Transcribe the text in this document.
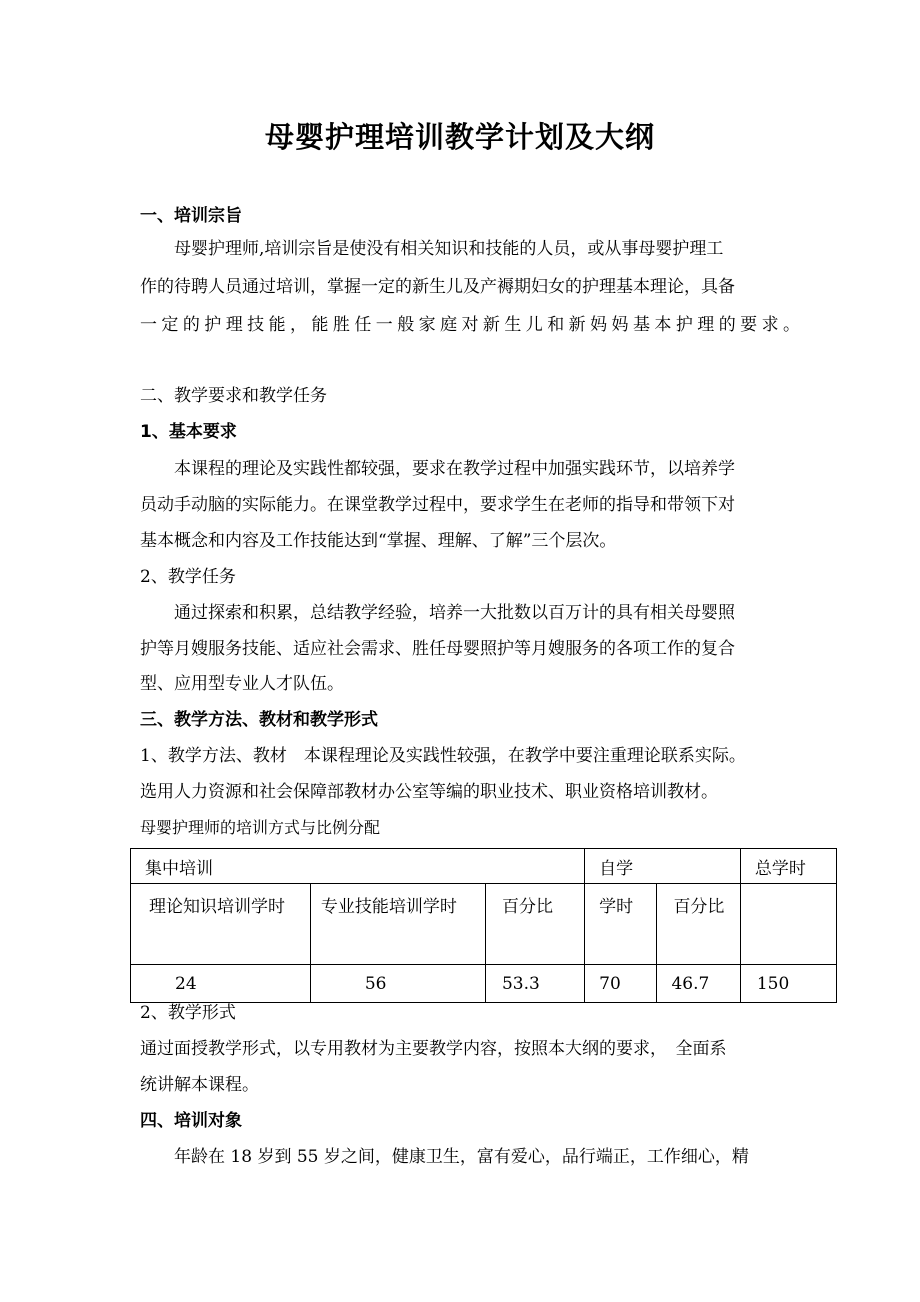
母婴护理培训教学计划及大纲
一、培训宗旨
母婴护理师,培训宗旨是使没有相关知识和技能的人员，或从事母婴护理工
作的待聘人员通过培训，掌握一定的新生儿及产褥期妇女的护理基本理论，具备
一定的护理技能，能胜任一般家庭对新生儿和新妈妈基本护理的要求。
二、教学要求和教学任务
1、基本要求
本课程的理论及实践性都较强，要求在教学过程中加强实践环节，以培养学
员动手动脑的实际能力。在课堂教学过程中，要求学生在老师的指导和带领下对
基本概念和内容及工作技能达到“掌握、理解、了解”三个层次。
2、教学任务
通过探索和积累，总结教学经验，培养一大批数以百万计的具有相关母婴照
护等月嫂服务技能、适应社会需求、胜任母婴照护等月嫂服务的各项工作的复合
型、应用型专业人才队伍。
三、教学方法、教材和教学形式
1、教学方法、教材　本课程理论及实践性较强，在教学中要注重理论联系实际。
选用人力资源和社会保障部教材办公室等编的职业技术、职业资格培训教材。
母婴护理师的培训方式与比例分配
集中培训			自学		总学时
理论知识培训学时	专业技能培训学时	百分比	学时	百分比	
24	56	53.3	70	46.7	150
2、教学形式
通过面授教学形式，以专用教材为主要教学内容，按照本大纲的要求，　全面系
统讲解本课程。
四、培训对象
年龄在 18 岁到 55 岁之间，健康卫生，富有爱心，品行端正，工作细心，精
